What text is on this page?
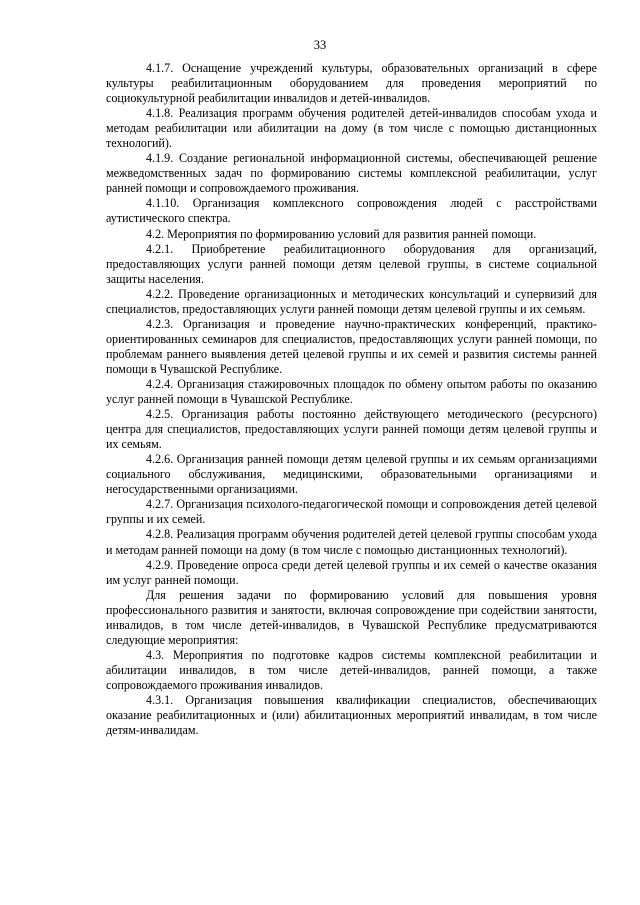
33

4.1.7. Оснащение учреждений культуры, образовательных организаций в сфере культуры реабилитационным оборудованием для проведения мероприятий по социокультурной реабилитации инвалидов и детей-инвалидов.

4.1.8. Реализация программ обучения родителей детей-инвалидов способам ухода и методам реабилитации или абилитации на дому (в том числе с помощью дистанционных технологий).

4.1.9. Создание региональной информационной системы, обеспечивающей решение межведомственных задач по формированию системы комплексной реабилитации, услуг ранней помощи и сопровождаемого проживания.

4.1.10. Организация комплексного сопровождения людей с расстройствами аутистического спектра.

4.2. Мероприятия по формированию условий для развития ранней помощи.

4.2.1. Приобретение реабилитационного оборудования для организаций, предоставляющих услуги ранней помощи детям целевой группы, в системе социальной защиты населения.

4.2.2. Проведение организационных и методических консультаций и супервизий для специалистов, предоставляющих услуги ранней помощи детям целевой группы и их семьям.

4.2.3. Организация и проведение научно-практических конференций, практико-ориентированных семинаров для специалистов, предоставляющих услуги ранней помощи, по проблемам раннего выявления детей целевой группы и их семей и развития системы ранней помощи в Чувашской Республике.

4.2.4. Организация стажировочных площадок по обмену опытом работы по оказанию услуг ранней помощи в Чувашской Республике.

4.2.5. Организация работы постоянно действующего методического (ресурсного) центра для специалистов, предоставляющих услуги ранней помощи детям целевой группы и их семьям.

4.2.6. Организация ранней помощи детям целевой группы и их семьям организациями социального обслуживания, медицинскими, образовательными организациями и негосударственными организациями.

4.2.7. Организация психолого-педагогической помощи и сопровождения детей целевой группы и их семей.

4.2.8. Реализация программ обучения родителей детей целевой группы способам ухода и методам ранней помощи на дому (в том числе с помощью дистанционных технологий).

4.2.9. Проведение опроса среди детей целевой группы и их семей о качестве оказания им услуг ранней помощи.

Для решения задачи по формированию условий для повышения уровня профессионального развития и занятости, включая сопровождение при содействии занятости, инвалидов, в том числе детей-инвалидов, в Чувашской Республике предусматриваются следующие мероприятия:

4.3. Мероприятия по подготовке кадров системы комплексной реабилитации и абилитации инвалидов, в том числе детей-инвалидов, ранней помощи, а также сопровождаемого проживания инвалидов.

4.3.1. Организация повышения квалификации специалистов, обеспечивающих оказание реабилитационных и (или) абилитационных мероприятий инвалидам, в том числе детям-инвалидам.
